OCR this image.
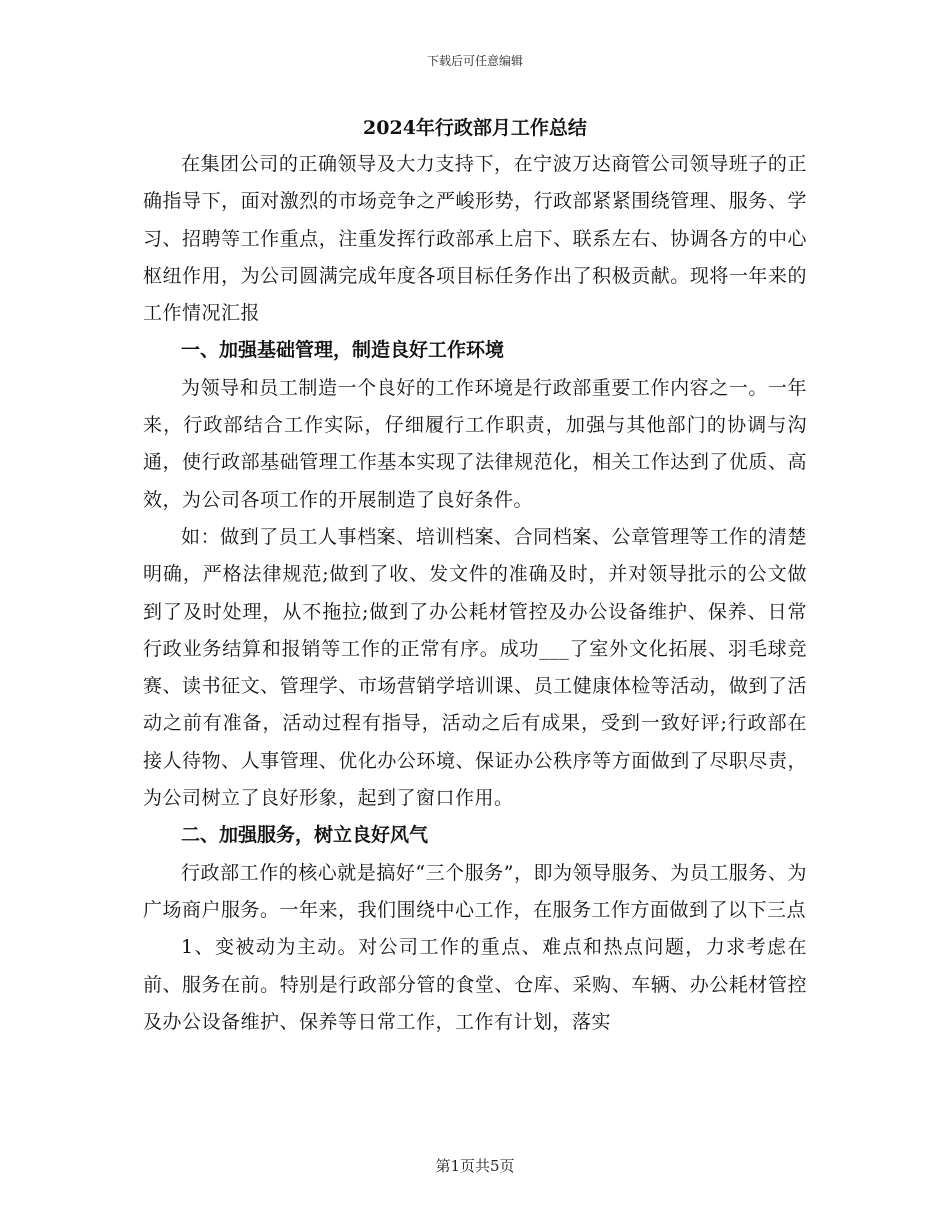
下载后可任意编辑
2024年行政部月工作总结

在集团公司的正确领导及大力支持下，在宁波万达商管公司领导班子的正确指导下，面对激烈的市场竞争之严峻形势，行政部紧紧围绕管理、服务、学习、招聘等工作重点，注重发挥行政部承上启下、联系左右、协调各方的中心枢纽作用，为公司圆满完成年度各项目标任务作出了积极贡献。现将一年来的工作情况汇报

一、加强基础管理，制造良好工作环境

为领导和员工制造一个良好的工作环境是行政部重要工作内容之一。一年来，行政部结合工作实际，仔细履行工作职责，加强与其他部门的协调与沟通，使行政部基础管理工作基本实现了法律规范化，相关工作达到了优质、高效，为公司各项工作的开展制造了良好条件。

如：做到了员工人事档案、培训档案、合同档案、公章管理等工作的清楚明确，严格法律规范;做到了收、发文件的准确及时，并对领导批示的公文做到了及时处理，从不拖拉;做到了办公耗材管控及办公设备维护、保养、日常行政业务结算和报销等工作的正常有序。成功___了室外文化拓展、羽毛球竞赛、读书征文、管理学、市场营销学培训课、员工健康体检等活动，做到了活动之前有准备，活动过程有指导，活动之后有成果，受到一致好评;行政部在接人待物、人事管理、优化办公环境、保证办公秩序等方面做到了尽职尽责，为公司树立了良好形象，起到了窗口作用。

二、加强服务，树立良好风气

行政部工作的核心就是搞好“三个服务”，即为领导服务、为员工服务、为广场商户服务。一年来，我们围绕中心工作，在服务工作方面做到了以下三点

1、变被动为主动。对公司工作的重点、难点和热点问题，力求考虑在前、服务在前。特别是行政部分管的食堂、仓库、采购、车辆、办公耗材管控及办公设备维护、保养等日常工作，工作有计划，落实

第1页共5页
